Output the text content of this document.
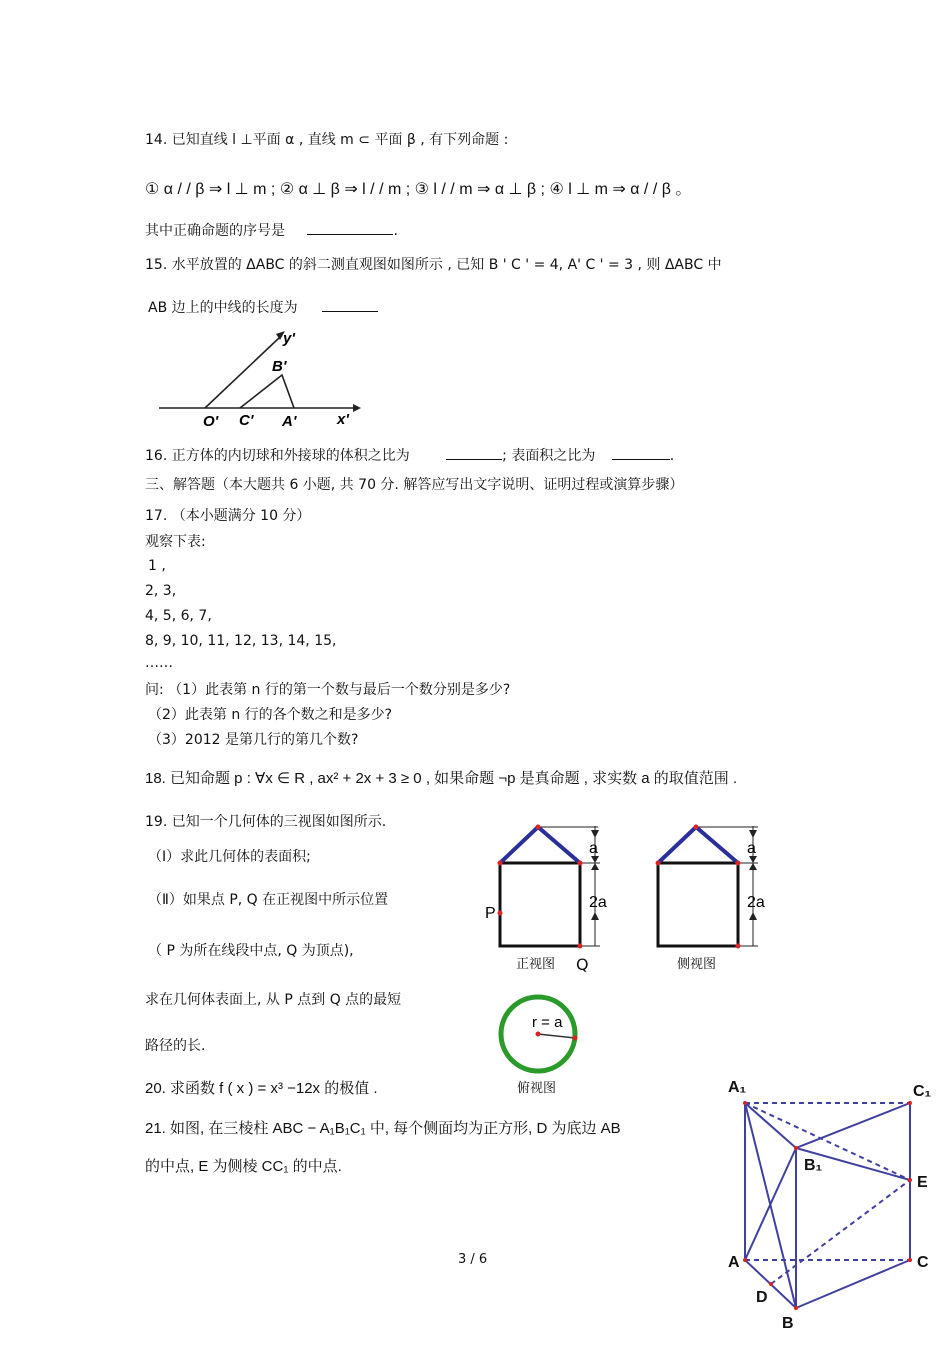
14. 已知直线 l ⊥平面 α , 直线 m ⊂ 平面 β , 有下列命题 :
① α / / β ⇒ l ⊥ m ; ② α ⊥ β ⇒ l / / m ; ③ l / / m ⇒ α ⊥ β ; ④ l ⊥ m ⇒ α / / β 。
其中正确命题的序号是	.
15. 水平放置的 ΔABC 的斜二测直观图如图所示 , 已知 B ' C ' = 4, A' C ' = 3 , 则 ΔABC 中
AB 边上的中线的长度为
y'
B'
O' C' A'	x'
16. 正方体的内切球和外接球的体积之比为	; 表面积之比为	.
三、解答题（本大题共 6 小题, 共 70 分. 解答应写出文字说明、证明过程或演算步骤）
17. （本小题满分 10 分）
观察下表:
1 ,
2, 3,
4, 5, 6, 7,
8, 9, 10, 11, 12, 13, 14, 15,
……
问: （1）此表第 n 行的第一个数与最后一个数分别是多少?
（2）此表第 n 行的各个数之和是多少?
（3）2012 是第几行的第几个数?
18. 已知命题 p : ∀x ∈ R , ax² + 2x + 3 ≥ 0 , 如果命题 ¬p 是真命题 , 求实数 a 的取值范围 .
19. 已知一个几何体的三视图如图所示.
（Ⅰ）求此几何体的表面积;
（Ⅱ）如果点 P, Q 在正视图中所示位置
（ P 为所在线段中点, Q 为顶点),
求在几何体表面上, 从 P 点到 Q 点的最短
路径的长.
a
2a
P
正视图 Q
a
2a
侧视图
r = a
俯视图
20. 求函数 f ( x ) = x³ −12x 的极值 .
21. 如图, 在三棱柱 ABC − A₁B₁C₁ 中, 每个侧面均为正方形, D 为底边 AB
的中点, E 为侧棱 CC₁ 的中点.
A₁	C₁
B₁
E
A	C
D
B
3 / 6
